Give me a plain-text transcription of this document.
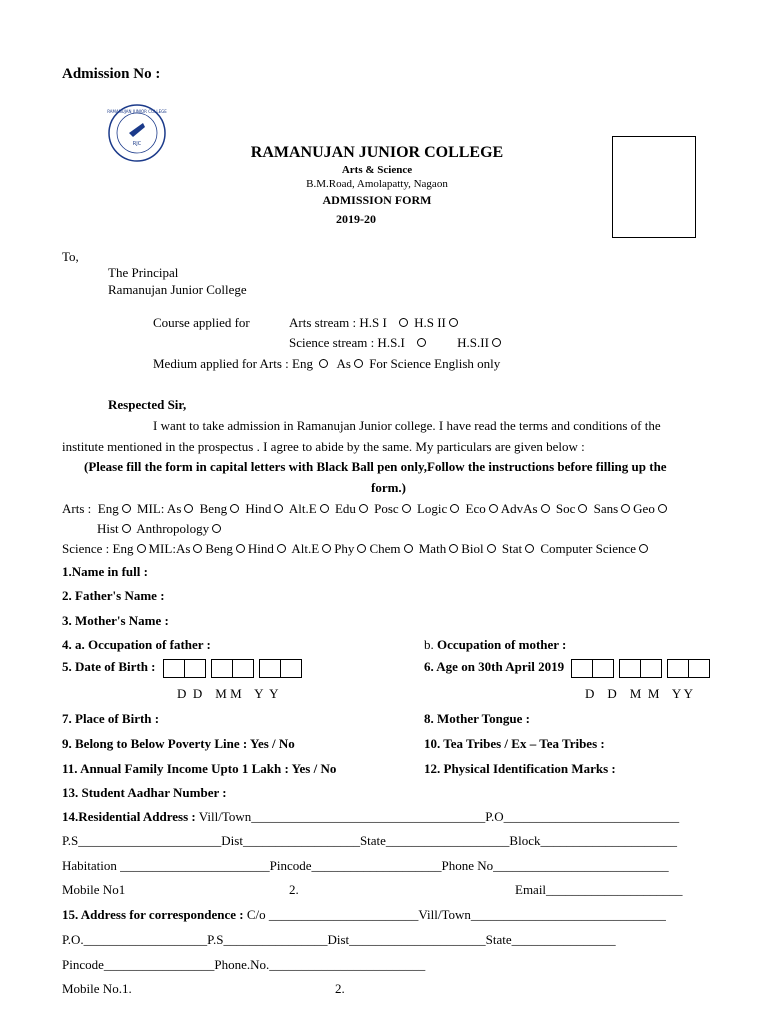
Admission No :
RJC
RAMANUJAN JUNIOR COLLEGE
RAMANUJAN JUNIOR COLLEGE
Arts & Science
B.M.Road, Amolapatty, Nagaon
ADMISSION FORM
2019-20
To,
The Principal
Ramanujan Junior College
Course applied for	Arts stream : H.S I H.S II
Science stream : H.S.I	H.S.II
Medium applied for Arts : Eng As For Science English only
Respected Sir,
I want to take admission in Ramanujan Junior college. I have read the terms and conditions of the
institute mentioned in the prospectus . I agree to abide by the same. My particulars are given below :
(Please fill the form in capital letters with Black Ball pen only,Follow the instructions before filling up the
form.)
Arts : Eng MIL: As Beng Hind Alt.E Edu Posc Logic Eco AdvAs Soc Sans Geo
Hist Anthropology
Science : Eng MIL:As Beng Hind Alt.E Phy Chem Math Biol Stat Computer Science
1.Name in full :
2. Father's Name :
3. Mother's Name :
4. a. Occupation of father :	b. Occupation of mother :
5. Date of Birth :	6. Age on 30th April 2019
D  D    M M    Y  Y	D    D    M  M    Y Y
7. Place of Birth :	8. Mother Tongue :
9. Belong to Below Poverty Line : Yes / No	10. Tea Tribes / Ex – Tea Tribes :
11. Annual Family Income Upto 1 Lakh : Yes / No	12. Physical Identification Marks :
13. Student Aadhar Number :
14.Residential Address : Vill/Town____________________________________P.O___________________________
P.S______________________Dist__________________State___________________Block_____________________
Habitation _______________________Pincode____________________Phone No___________________________
Mobile No1	2.	Email_____________________
15. Address for correspondence : C/o _______________________Vill/Town______________________________
P.O.___________________P.S________________Dist_____________________State________________
Pincode_________________Phone.No.________________________
Mobile No.1.	2.
